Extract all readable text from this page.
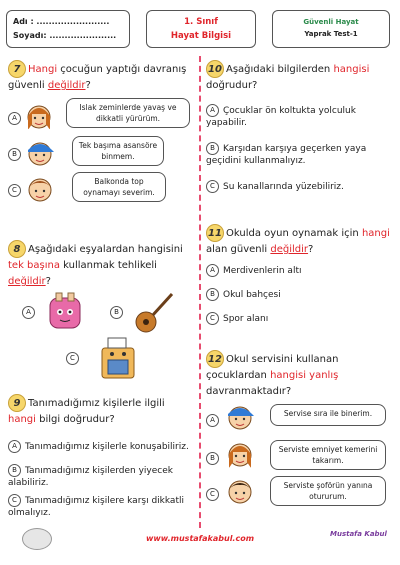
Adı : ........................
Soyadı: ......................
1. Sınıf
Hayat Bilgisi
Güvenli Hayat
Yaprak Test-1
7 Hangi çocuğun yaptığı davranış güvenli değildir?
A
Islak zeminlerde yavaş ve dikkatli yürürüm.
B
Tek başıma asansöre binmem.
C
Balkonda top oynamayı severim.
8 Aşağıdaki eşyalardan hangisini tek başına kullanmak tehlikeli değildir?
A	B
C
9 Tanımadığımız kişilerle ilgili hangi bilgi doğrudur?
A Tanımadığımız kişilerle konuşabiliriz.
B Tanımadığımız kişilerden yiyecek alabiliriz.
C Tanımadığımız kişilere karşı dikkatli olmalıyız.
10 Aşağıdaki bilgilerden hangisi doğrudur?
A Çocuklar ön koltukta yolculuk yapabilir.
B Karşıdan karşıya geçerken yaya geçidini kullanmalıyız.
C Su kanallarında yüzebiliriz.
11 Okulda oyun oynamak için hangi alan güvenli değildir?
A Merdivenlerin altı
B Okul bahçesi
C Spor alanı
12 Okul servisini kullanan çocuklardan hangisi yanlış davranmaktadır?
A
Servise sıra ile binerim.
B
Serviste emniyet kemerini takarım.
C
Serviste şoförün yanına otururum.
www.mustafakabul.com	Mustafa Kabul
